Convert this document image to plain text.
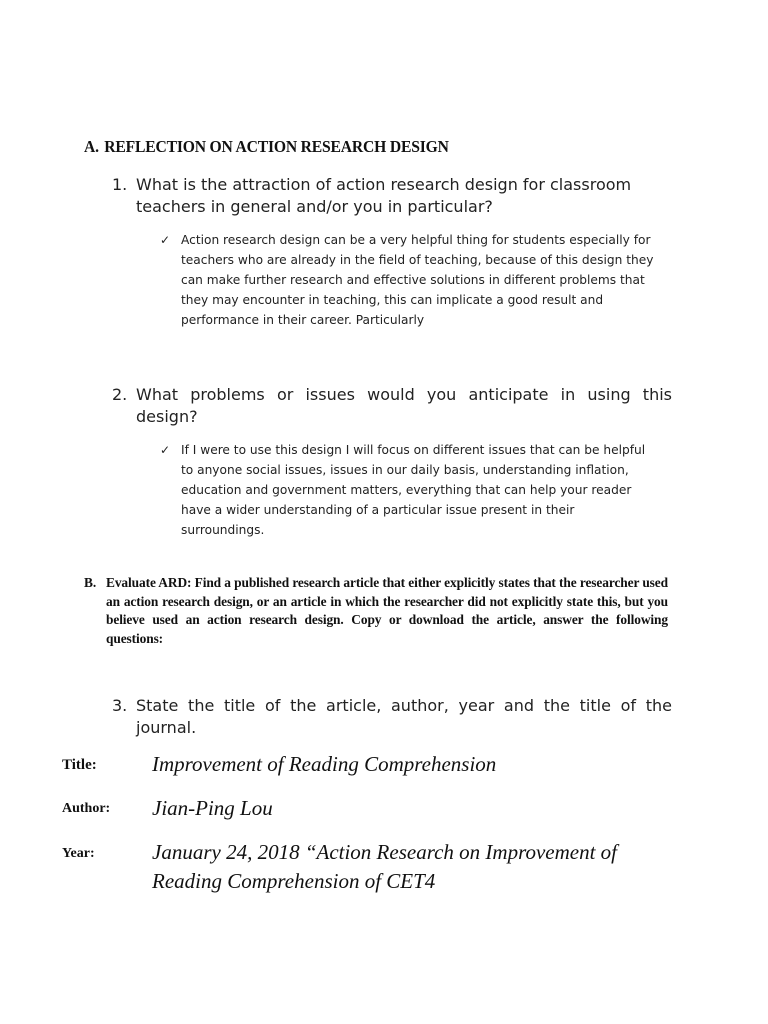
A. REFLECTION ON ACTION RESEARCH DESIGN
1. What is the attraction of action research design for classroom teachers in general and/or you in particular?
✓ Action research design can be a very helpful thing for students especially for teachers who are already in the field of teaching, because of this design they can make further research and effective solutions in different problems that they may encounter in teaching, this can implicate a good result and performance in their career. Particularly
2. What problems or issues would you anticipate in using this design?
✓ If I were to use this design I will focus on different issues that can be helpful to anyone social issues, issues in our daily basis, understanding inflation, education and government matters, everything that can help your reader have a wider understanding of a particular issue present in their surroundings.
B. Evaluate ARD: Find a published research article that either explicitly states that the researcher used an action research design, or an article in which the researcher did not explicitly state this, but you believe used an action research design. Copy or download the article, answer the following questions:
3. State the title of the article, author, year and the title of the journal.
Title:	Improvement of Reading Comprehension
Author: Jian-Ping Lou
Year:	January 24, 2018 “Action Research on Improvement of Reading Comprehension of CET4
